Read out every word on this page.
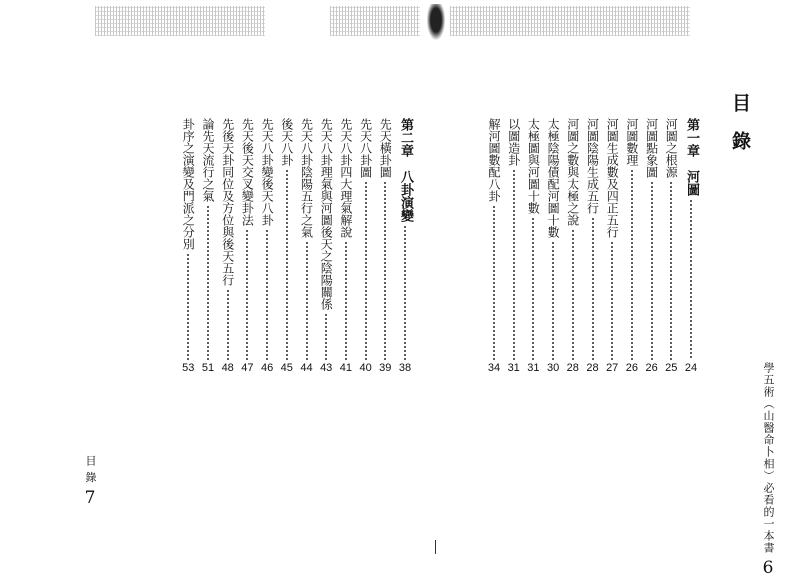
目 錄
第一章　河圖
24
河圖之根源
25
河圖點象圖
26
河圖數理
26
河圖生成數及四正五行
27
河圖陰陽生成五行
28
河圖之數與太極之說
28
太極陰陽債配河圖十數
30
太極圖與河圖十數
31
以圖造卦
31
解河圖數配八卦
34
第二章　八卦演變
38
先天橫卦圖
39
先天八卦圖
40
先天八卦四大理氣解說
41
先天八卦理氣與河圖後天之陰陽關係
43
先天八卦陰陽五行之氣
44
後天八卦
45
先天八卦變後天八卦
46
先天後天交叉變卦法
47
先後天卦同位及方位與後天五行
48
論先天流行之氣
51
卦序之演變及門派之分別
53	學五術（山醫命卜相）必看的一本書
6
目 錄
7
